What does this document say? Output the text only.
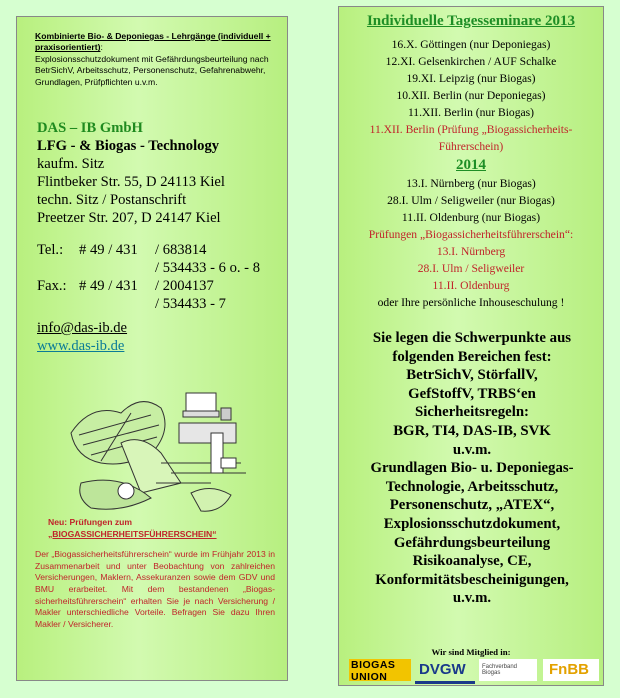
Kombinierte Bio- & Deponiegas - Lehrgänge (individuell + praxisorientiert):
Explosionsschutzdokument mit Gefährdungsbeurteilung nach BetrSichV, Arbeitsschutz, Personenschutz, Gefahrenabwehr, Grundlagen, Prüfpflichten u.v.m.
DAS – IB GmbH
LFG - & Biogas - Technology
kaufm. Sitz
Flintbeker Str. 55, D 24113 Kiel
techn. Sitz / Postanschrift
Preetzer Str. 207, D 24147 Kiel
Tel.: # 49 / 431 / 683814
/ 534433 - 6 o. - 8
Fax.: # 49 / 431 / 2004137
/ 534433 - 7
info@das-ib.de
www.das-ib.de
Neu: Prüfungen zum
„BIOGASSICHERHEITSFÜHRERSCHEIN“
Der „Biogassicherheitsführerschein“ wurde im Frühjahr 2013 in Zusammenarbeit und unter Beobachtung von zahlreichen Versicherungen, Maklern, Assekuranzen sowie dem GDV und BMU erarbeitet. Mit dem bestandenen „Biogas-sicherheitsführerschein“ erhalten Sie je nach Versicherung / Makler unterschiedliche Vorteile. Befragen Sie dazu Ihren Makler / Versicherer.
Individuelle Tagesseminare 2013
16.X. Göttingen (nur Deponiegas)
12.XI. Gelsenkirchen / AUF Schalke
19.XI. Leipzig (nur Biogas)
10.XII. Berlin (nur Deponiegas)
11.XII. Berlin (nur Biogas)
11.XII. Berlin (Prüfung „Biogassicherheits-
Führerschein)
2014
13.I. Nürnberg (nur Biogas)
28.I. Ulm / Seligweiler (nur Biogas)
11.II. Oldenburg (nur Biogas)
Prüfungen „Biogassicherheitsführerschein“:
13.I. Nürnberg
28.I. Ulm / Seligweiler
11.II. Oldenburg
oder Ihre persönliche Inhouseschulung !
Sie legen die Schwerpunkte aus
folgenden Bereichen fest:
BetrSichV, StörfallV,
GefStoffV, TRBS‘en
Sicherheitsregeln:
BGR, TI4, DAS-IB, SVK
u.v.m.
Grundlagen Bio- u. Deponiegas-
Technologie, Arbeitsschutz,
Personenschutz, „ATEX“,
Explosionsschutzdokument,
Gefährdungsbeurteilung
Risikoanalyse, CE,
Konformitätsbescheinigungen,
u.v.m.
Wir sind Mitglied in:
BIOGAS UNION	DVGW	Fachverband Biogas	FnBB
